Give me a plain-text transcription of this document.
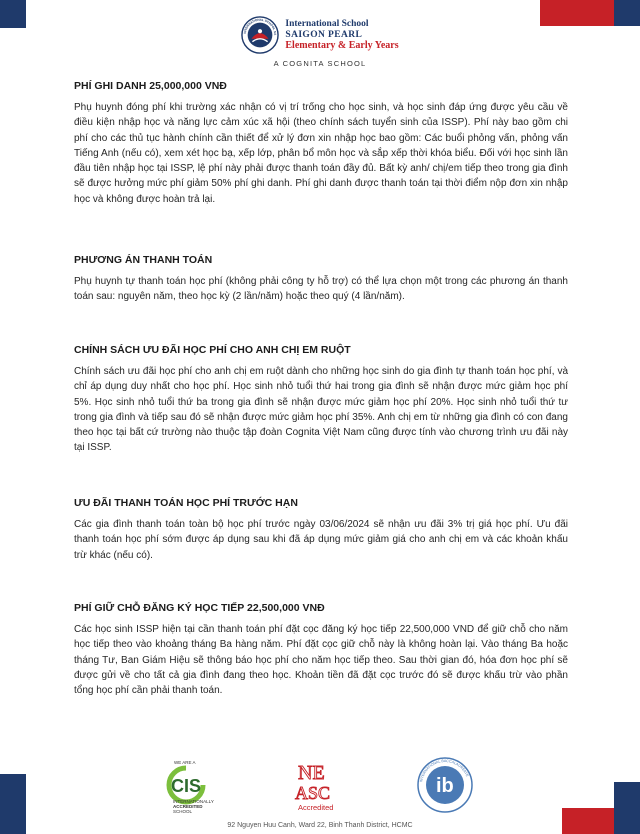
INTERNATIONAL SCHOOL SA
International School
SAIGON PEARL
Elementary & Early Years
A COGNITA SCHOOL
PHÍ GHI DANH 25,000,000 VNĐ

Phụ huynh đóng phí khi trường xác nhận có vị trí trống cho học sinh, và học sinh đáp ứng được yêu cầu về điều kiện nhập học và năng lực cảm xúc xã hội (theo chính sách tuyển sinh của ISSP). Phí này bao gồm chi phí cho các thủ tục hành chính cần thiết để xử lý đơn xin nhập học bao gồm: Các buổi phỏng vấn, phỏng vấn Tiếng Anh (nếu có), xem xét học bạ, xếp lớp, phân bổ môn học và sắp xếp thời khóa biểu. Đối với học sinh lần đầu tiên nhập học tại ISSP, lệ phí này phải được thanh toán đầy đủ. Bất kỳ anh/ chị/em tiếp theo trong gia đình sẽ được hưởng mức phí giảm 50% phí ghi danh. Phí ghi danh được thanh toán tại thời điểm nộp đơn xin nhập học và không được hoàn trả lại.

PHƯƠNG ÁN THANH TOÁN

Phụ huynh tự thanh toán học phí (không phải công ty hỗ trợ) có thể lựa chọn một trong các phương án thanh toán sau: nguyên năm, theo học kỳ (2 lần/năm) hoặc theo quý (4 lần/năm).

CHÍNH SÁCH ƯU ĐÃI HỌC PHÍ CHO ANH CHỊ EM RUỘT

Chính sách ưu đãi học phí cho anh chị em ruột dành cho những học sinh do gia đình tự thanh toán học phí, và chỉ áp dụng duy nhất cho học phí. Học sinh nhỏ tuổi thứ hai trong gia đình sẽ nhận được mức giảm học phí 5%. Học sinh nhỏ tuổi thứ ba trong gia đình sẽ nhận được mức giảm học phí 20%. Học sinh nhỏ tuổi thứ tư trong gia đình và tiếp sau đó sẽ nhận được mức giảm học phí 35%. Anh chị em từ những gia đình có con đang theo học tại bất cứ trường nào thuộc tập đoàn Cognita Việt Nam cũng được tính vào chương trình ưu đãi này tại ISSP.

ƯU ĐÃI THANH TOÁN HỌC PHÍ TRƯỚC HẠN

Các gia đình thanh toán toàn bộ học phí trước ngày 03/06/2024 sẽ nhận ưu đãi 3% trị giá học phí. Ưu đãi thanh toán học phí sớm được áp dụng sau khi đã áp dụng mức giảm giá cho anh chị em và các khoản khấu trừ khác (nếu có).

PHÍ GIỮ CHỖ ĐĂNG KÝ HỌC TIẾP 22,500,000 VNĐ

Các học sinh ISSP hiện tại cần thanh toán phí đặt cọc đăng ký học tiếp 22,500,000 VND để giữ chỗ cho năm học tiếp theo vào khoảng tháng Ba hàng năm. Phí đặt cọc giữ chỗ này là không hoàn lại. Vào tháng Ba hoặc tháng Tư, Ban Giám Hiệu sẽ thông báo học phí cho năm học tiếp theo. Sau thời gian đó, hóa đơn học phí sẽ được gửi về cho tất cả gia đình đang theo học. Khoản tiền đã đặt cọc trước đó sẽ được khấu trừ vào phần tổng học phí cần phải thanh toán.

WE ARE A
CIS
INTERNATIONALLY
ACCREDITED
SCHOOL
NE
ASC
Accredited
INTERNATIONAL BACCALAUREATE
ib
92 Nguyen Huu Canh, Ward 22, Binh Thanh District, HCMC
